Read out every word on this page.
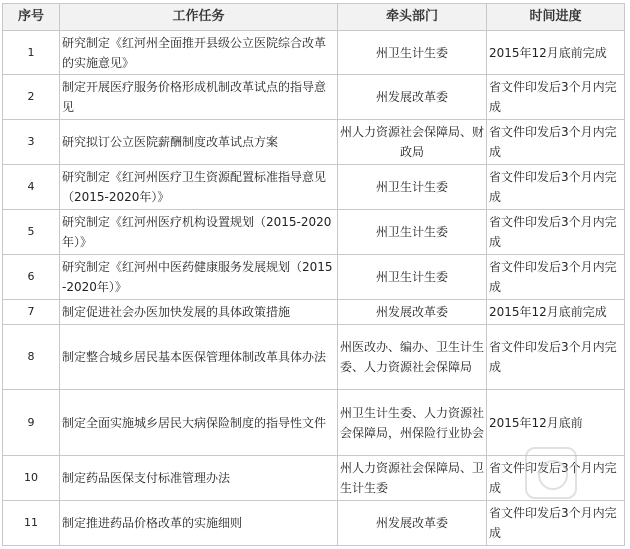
序号	工作任务	牵头部门	时间进度
1	研究制定《红河州全面推开县级公立医院综合改革的实施意见》	州卫生计生委	2015年12月底前完成
2	制定开展医疗服务价格形成机制改革试点的指导意见	州发展改革委	省文件印发后3个月内完成
3	研究拟订公立医院薪酬制度改革试点方案	州人力资源社会保障局、财政局	省文件印发后3个月内完成
4	研究制定《红河州医疗卫生资源配置标准指导意见（2015-2020年）》	州卫生计生委	省文件印发后3个月内完成
5	研究制定《红河州医疗机构设置规划（2015-2020年）》	州卫生计生委	省文件印发后3个月内完成
6	研究制定《红河州中医药健康服务发展规划（2015-2020年）》	州卫生计生委	省文件印发后3个月内完成
7	制定促进社会办医加快发展的具体政策措施	州发展改革委	2015年12月底前完成
8	制定整合城乡居民基本医保管理体制改革具体办法	州医改办、编办、卫生计生委、人力资源社会保障局	省文件印发后3个月内完成
9	制定全面实施城乡居民大病保险制度的指导性文件	州卫生计生委、人力资源社会保障局，州保险行业协会	2015年12月底前
10	制定药品医保支付标准管理办法	州人力资源社会保障局、卫生计生委	省文件印发后3个月内完成
11	制定推进药品价格改革的实施细则	州发展改革委	省文件印发后3个月内完成
